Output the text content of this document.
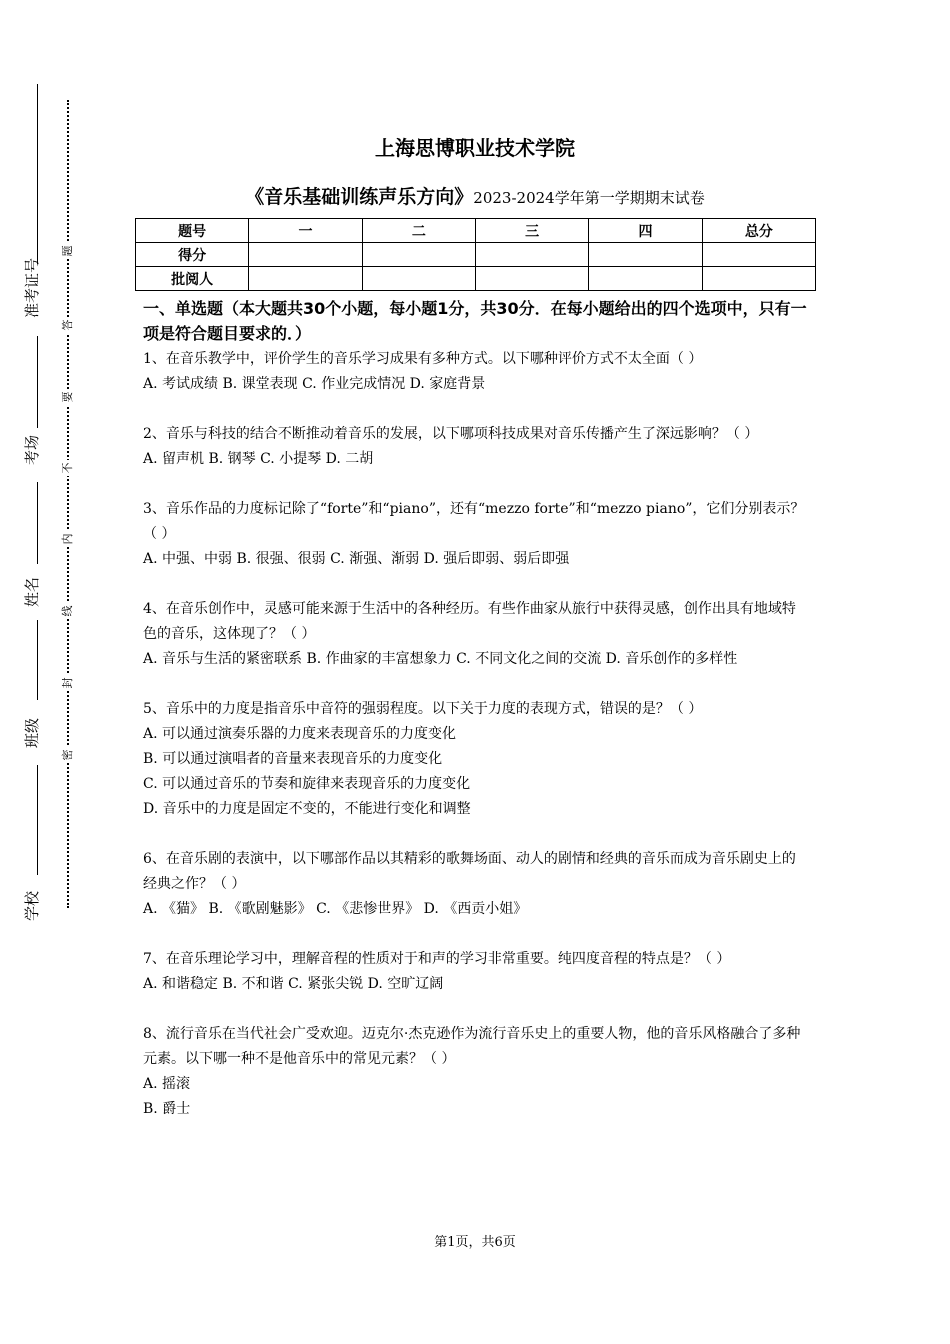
准考证号
考场
姓名
班级
学校
题
答
要
不
内
线
封
密
上海思博职业技术学院
《音乐基础训练声乐方向》2023-2024学年第一学期期末试卷
题号	一	二	三	四	总分
得分					
批阅人					
一、单选题（本大题共30个小题，每小题1分，共30分．在每小题给出的四个选项中，只有一项是符合题目要求的．）

1、在音乐教学中，评价学生的音乐学习成果有多种方式。以下哪种评价方式不太全面（ ）

A. 考试成绩 B. 课堂表现 C. 作业完成情况 D. 家庭背景

2、音乐与科技的结合不断推动着音乐的发展，以下哪项科技成果对音乐传播产生了深远影响？（ ）

A. 留声机 B. 钢琴 C. 小提琴 D. 二胡

3、音乐作品的力度标记除了“forte”和“piano”，还有“mezzo forte”和“mezzo piano”，它们分别表示？（ ）

A. 中强、中弱 B. 很强、很弱 C. 渐强、渐弱 D. 强后即弱、弱后即强

4、在音乐创作中，灵感可能来源于生活中的各种经历。有些作曲家从旅行中获得灵感，创作出具有地域特色的音乐，这体现了？（ ）

A. 音乐与生活的紧密联系 B. 作曲家的丰富想象力 C. 不同文化之间的交流 D. 音乐创作的多样性

5、音乐中的力度是指音乐中音符的强弱程度。以下关于力度的表现方式，错误的是？（ ）

A. 可以通过演奏乐器的力度来表现音乐的力度变化

B. 可以通过演唱者的音量来表现音乐的力度变化

C. 可以通过音乐的节奏和旋律来表现音乐的力度变化

D. 音乐中的力度是固定不变的，不能进行变化和调整

6、在音乐剧的表演中，以下哪部作品以其精彩的歌舞场面、动人的剧情和经典的音乐而成为音乐剧史上的经典之作？（ ）

A. 《猫》 B. 《歌剧魅影》 C. 《悲惨世界》 D. 《西贡小姐》

7、在音乐理论学习中，理解音程的性质对于和声的学习非常重要。纯四度音程的特点是？（ ）

A. 和谐稳定 B. 不和谐 C. 紧张尖锐 D. 空旷辽阔

8、流行音乐在当代社会广受欢迎。迈克尔·杰克逊作为流行音乐史上的重要人物，他的音乐风格融合了多种元素。以下哪一种不是他音乐中的常见元素？（ ）

A. 摇滚

B. 爵士

第1页，共6页
